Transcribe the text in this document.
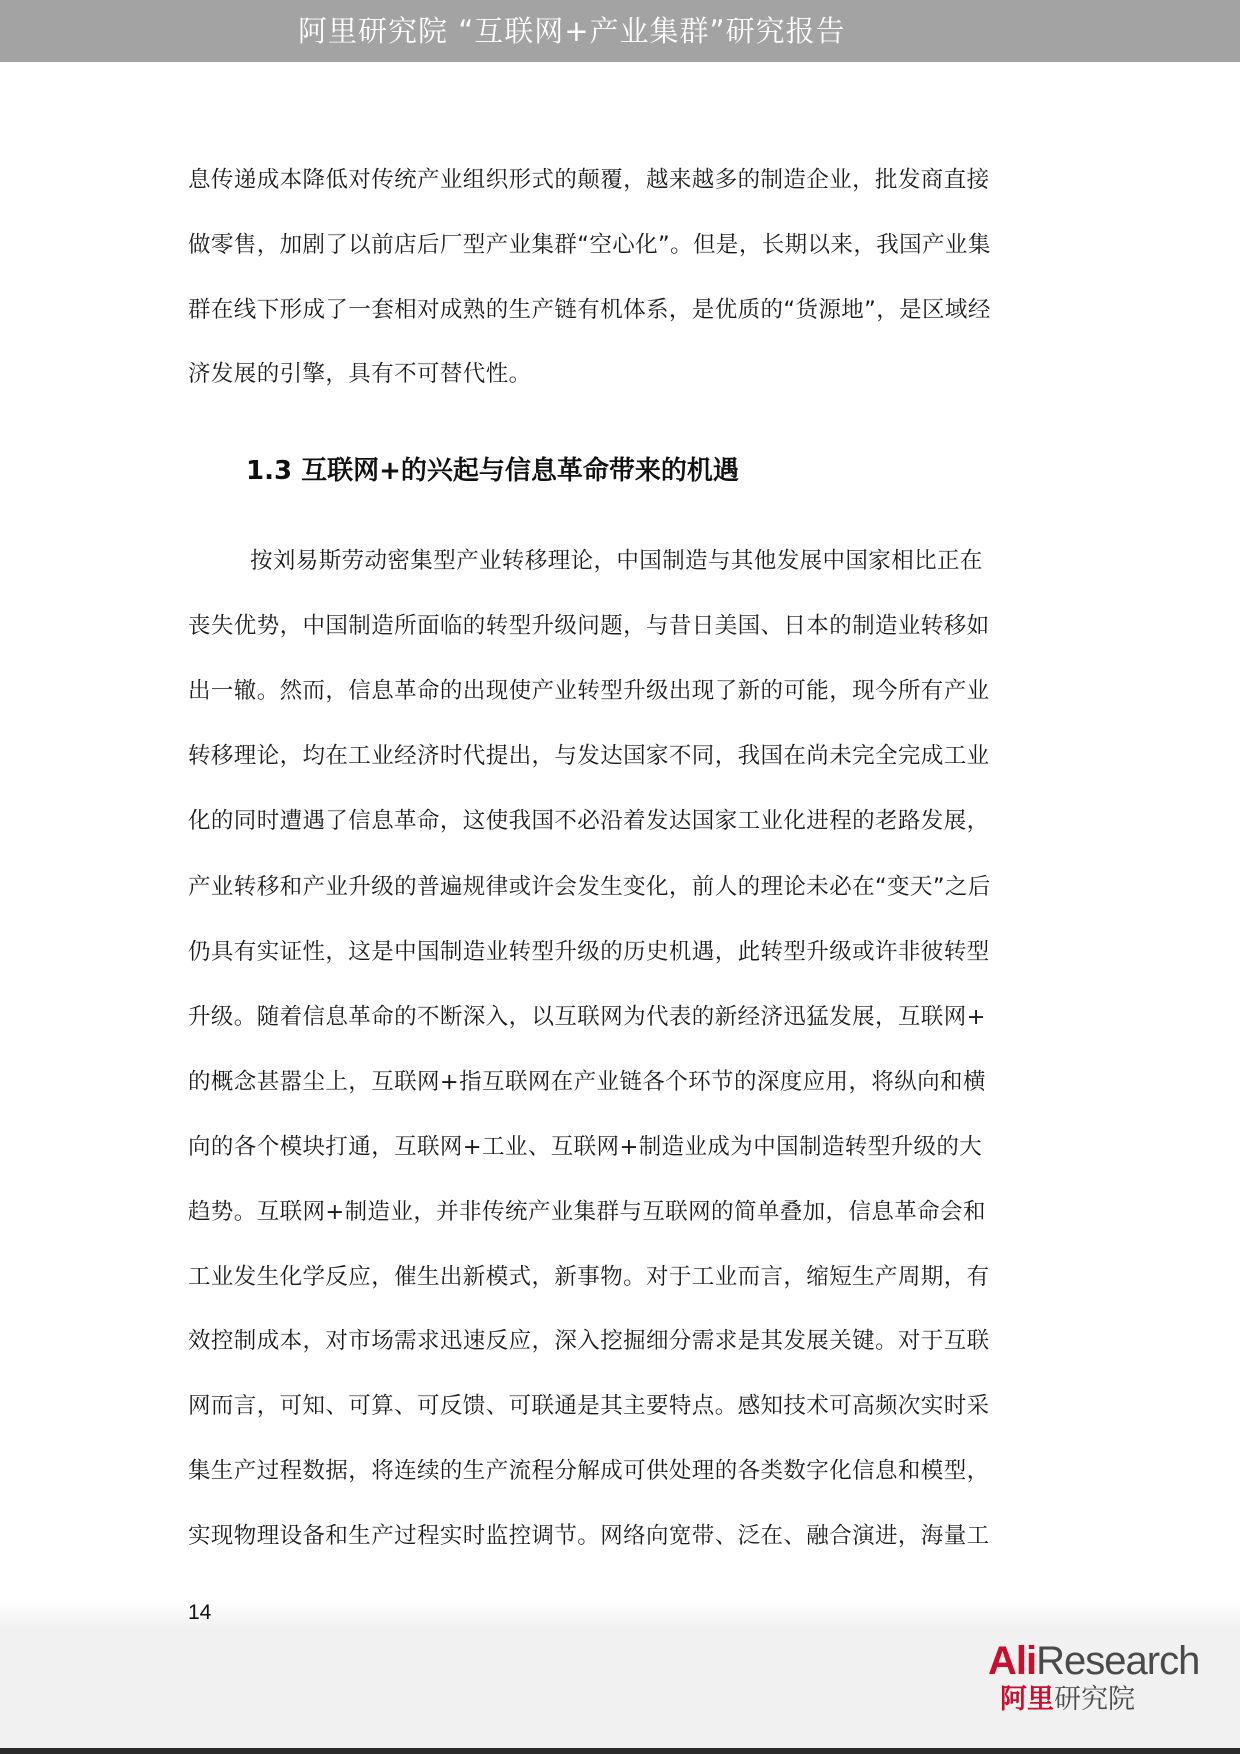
阿里研究院 “互联网+产业集群”研究报告
息传递成本降低对传统产业组织形式的颠覆，越来越多的制造企业，批发商直接
做零售，加剧了以前店后厂型产业集群“空心化”。但是，长期以来，我国产业集
群在线下形成了一套相对成熟的生产链有机体系，是优质的“货源地”，是区域经
济发展的引擎，具有不可替代性。
1.3 互联网+的兴起与信息革命带来的机遇
按刘易斯劳动密集型产业转移理论，中国制造与其他发展中国家相比正在
丧失优势，中国制造所面临的转型升级问题，与昔日美国、日本的制造业转移如
出一辙。然而，信息革命的出现使产业转型升级出现了新的可能，现今所有产业
转移理论，均在工业经济时代提出，与发达国家不同，我国在尚未完全完成工业
化的同时遭遇了信息革命，这使我国不必沿着发达国家工业化进程的老路发展，
产业转移和产业升级的普遍规律或许会发生变化，前人的理论未必在“变天”之后
仍具有实证性，这是中国制造业转型升级的历史机遇，此转型升级或许非彼转型
升级。随着信息革命的不断深入，以互联网为代表的新经济迅猛发展，互联网+
的概念甚嚣尘上，互联网+指互联网在产业链各个环节的深度应用，将纵向和横
向的各个模块打通，互联网+工业、互联网+制造业成为中国制造转型升级的大
趋势。互联网+制造业，并非传统产业集群与互联网的简单叠加，信息革命会和
工业发生化学反应，催生出新模式，新事物。对于工业而言，缩短生产周期，有
效控制成本，对市场需求迅速反应，深入挖掘细分需求是其发展关键。对于互联
网而言，可知、可算、可反馈、可联通是其主要特点。感知技术可高频次实时采
集生产过程数据，将连续的生产流程分解成可供处理的各类数字化信息和模型，
实现物理设备和生产过程实时监控调节。网络向宽带、泛在、融合演进，海量工
14
AliResearch
阿里研究院
